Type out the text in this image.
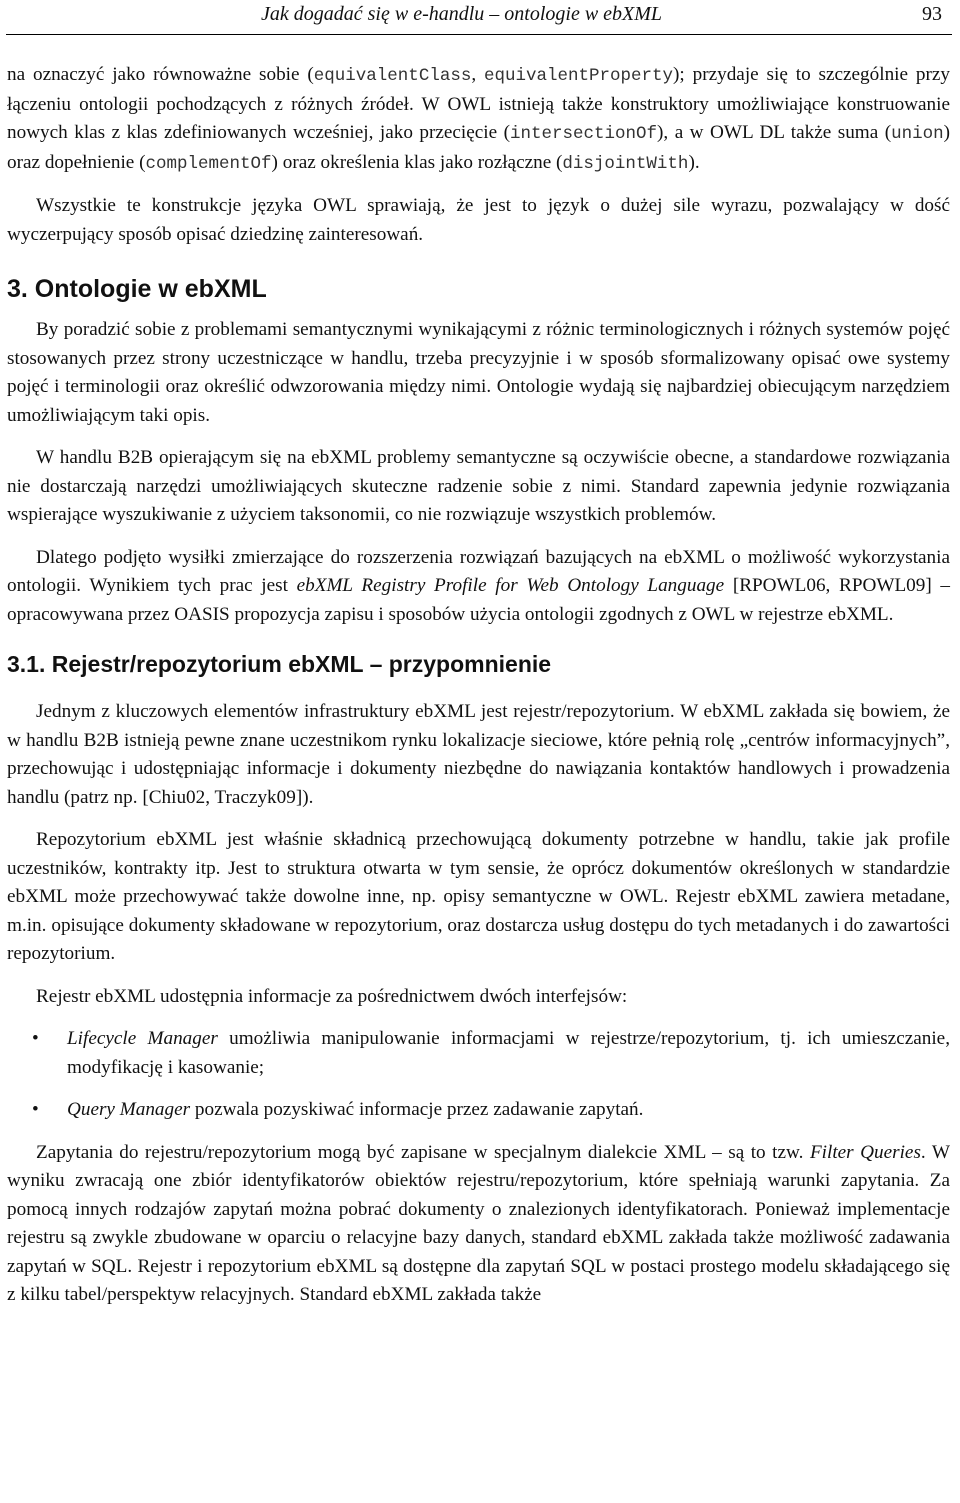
Jak dogadać się w e-handlu – ontologie w ebXML	93

na oznaczyć jako równoważne sobie (equivalentClass, equivalentProperty); przydaje się to szczególnie przy łączeniu ontologii pochodzących z różnych źródeł. W OWL istnieją także konstruktory umożliwiające konstruowanie nowych klas z klas zdefiniowanych wcześniej, jako przecięcie (intersectionOf), a w OWL DL także suma (union) oraz dopełnienie (complementOf) oraz określenia klas jako rozłączne (disjointWith).

Wszystkie te konstrukcje języka OWL sprawiają, że jest to język o dużej sile wyrazu, pozwalający w dość wyczerpujący sposób opisać dziedzinę zainteresowań.

3. Ontologie w ebXML

By poradzić sobie z problemami semantycznymi wynikającymi z różnic terminologicznych i różnych systemów pojęć stosowanych przez strony uczestniczące w handlu, trzeba precyzyjnie i w sposób sformalizowany opisać owe systemy pojęć i terminologii oraz określić odwzorowania między nimi. Ontologie wydają się najbardziej obiecującym narzędziem umożliwiającym taki opis.

W handlu B2B opierającym się na ebXML problemy semantyczne są oczywiście obecne, a standardowe rozwiązania nie dostarczają narzędzi umożliwiających skuteczne radzenie sobie z nimi. Standard zapewnia jedynie rozwiązania wspierające wyszukiwanie z użyciem taksonomii, co nie rozwiązuje wszystkich problemów.

Dlatego podjęto wysiłki zmierzające do rozszerzenia rozwiązań bazujących na ebXML o możliwość wykorzystania ontologii. Wynikiem tych prac jest ebXML Registry Profile for Web Ontology Language [RPOWL06, RPOWL09] – opracowywana przez OASIS propozycja zapisu i sposobów użycia ontologii zgodnych z OWL w rejestrze ebXML.

3.1. Rejestr/repozytorium ebXML – przypomnienie

Jednym z kluczowych elementów infrastruktury ebXML jest rejestr/repozytorium. W ebXML zakłada się bowiem, że w handlu B2B istnieją pewne znane uczestnikom rynku lokalizacje sieciowe, które pełnią rolę „centrów informacyjnych”, przechowując i udostępniając informacje i dokumenty niezbędne do nawiązania kontaktów handlowych i prowadzenia handlu (patrz np. [Chiu02, Traczyk09]).

Repozytorium ebXML jest właśnie składnicą przechowującą dokumenty potrzebne w handlu, takie jak profile uczestników, kontrakty itp. Jest to struktura otwarta w tym sensie, że oprócz dokumentów określonych w standardzie ebXML może przechowywać także dowolne inne, np. opisy semantyczne w OWL. Rejestr ebXML zawiera metadane, m.in. opisujące dokumenty składowane w repozytorium, oraz dostarcza usług dostępu do tych metadanych i do zawartości repozytorium.

Rejestr ebXML udostępnia informacje za pośrednictwem dwóch interfejsów:

• Lifecycle Manager umożliwia manipulowanie informacjami w rejestrze/repozytorium, tj. ich umieszczanie, modyfikację i kasowanie;
• Query Manager pozwala pozyskiwać informacje przez zadawanie zapytań.

Zapytania do rejestru/repozytorium mogą być zapisane w specjalnym dialekcie XML – są to tzw. Filter Queries. W wyniku zwracają one zbiór identyfikatorów obiektów rejestru/repozytorium, które spełniają warunki zapytania. Za pomocą innych rodzajów zapytań można pobrać dokumenty o znalezionych identyfikatorach. Ponieważ implementacje rejestru są zwykle zbudowane w oparciu o relacyjne bazy danych, standard ebXML zakłada także możliwość zadawania zapytań w SQL. Rejestr i repozytorium ebXML są dostępne dla zapytań SQL w postaci prostego modelu składającego się z kilku tabel/perspektyw relacyjnych. Standard ebXML zakłada także
